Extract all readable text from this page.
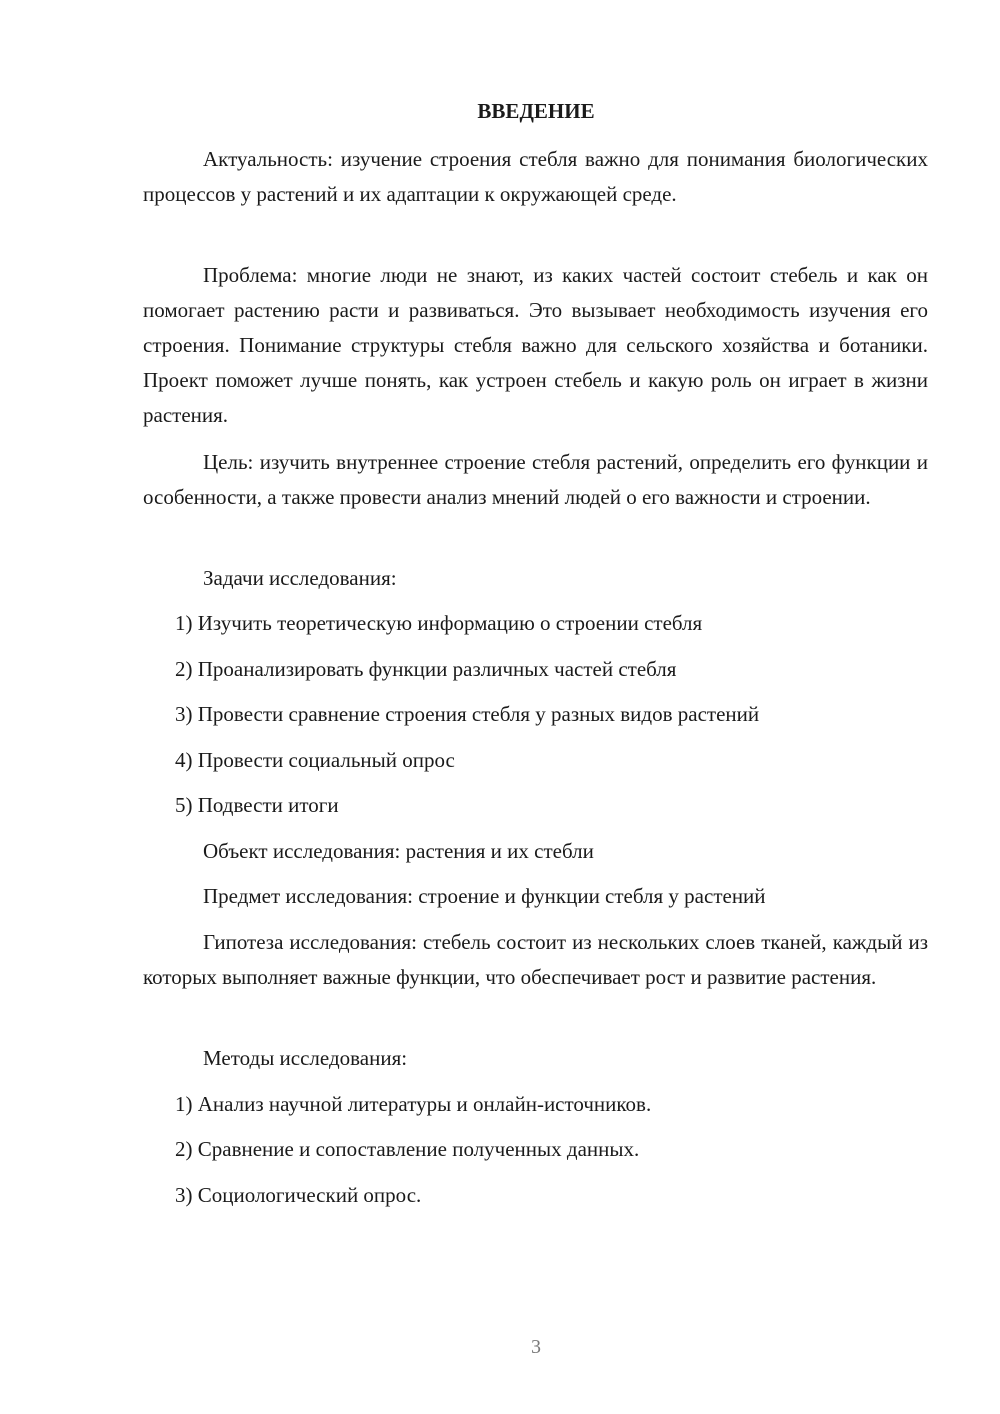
ВВЕДЕНИЕ

Актуальность: изучение строения стебля важно для понимания биологических процессов у растений и их адаптации к окружающей среде.

Проблема: многие люди не знают, из каких частей состоит стебель и как он помогает растению расти и развиваться. Это вызывает необходимость изучения его строения. Понимание структуры стебля важно для сельского хозяйства и ботаники. Проект поможет лучше понять, как устроен стебель и какую роль он играет в жизни растения.

Цель: изучить внутреннее строение стебля растений, определить его функции и особенности, а также провести анализ мнений людей о его важности и строении.

Задачи исследования:

1) Изучить теоретическую информацию о строении стебля

2) Проанализировать функции различных частей стебля

3) Провести сравнение строения стебля у разных видов растений

4) Провести социальный опрос

5) Подвести итоги

Объект исследования: растения и их стебли

Предмет исследования: строение и функции стебля у растений

Гипотеза исследования: стебель состоит из нескольких слоев тканей, каждый из которых выполняет важные функции, что обеспечивает рост и развитие растения.

Методы исследования:

1) Анализ научной литературы и онлайн-источников.

2) Сравнение и сопоставление полученных данных.

3) Социологический опрос.

3
